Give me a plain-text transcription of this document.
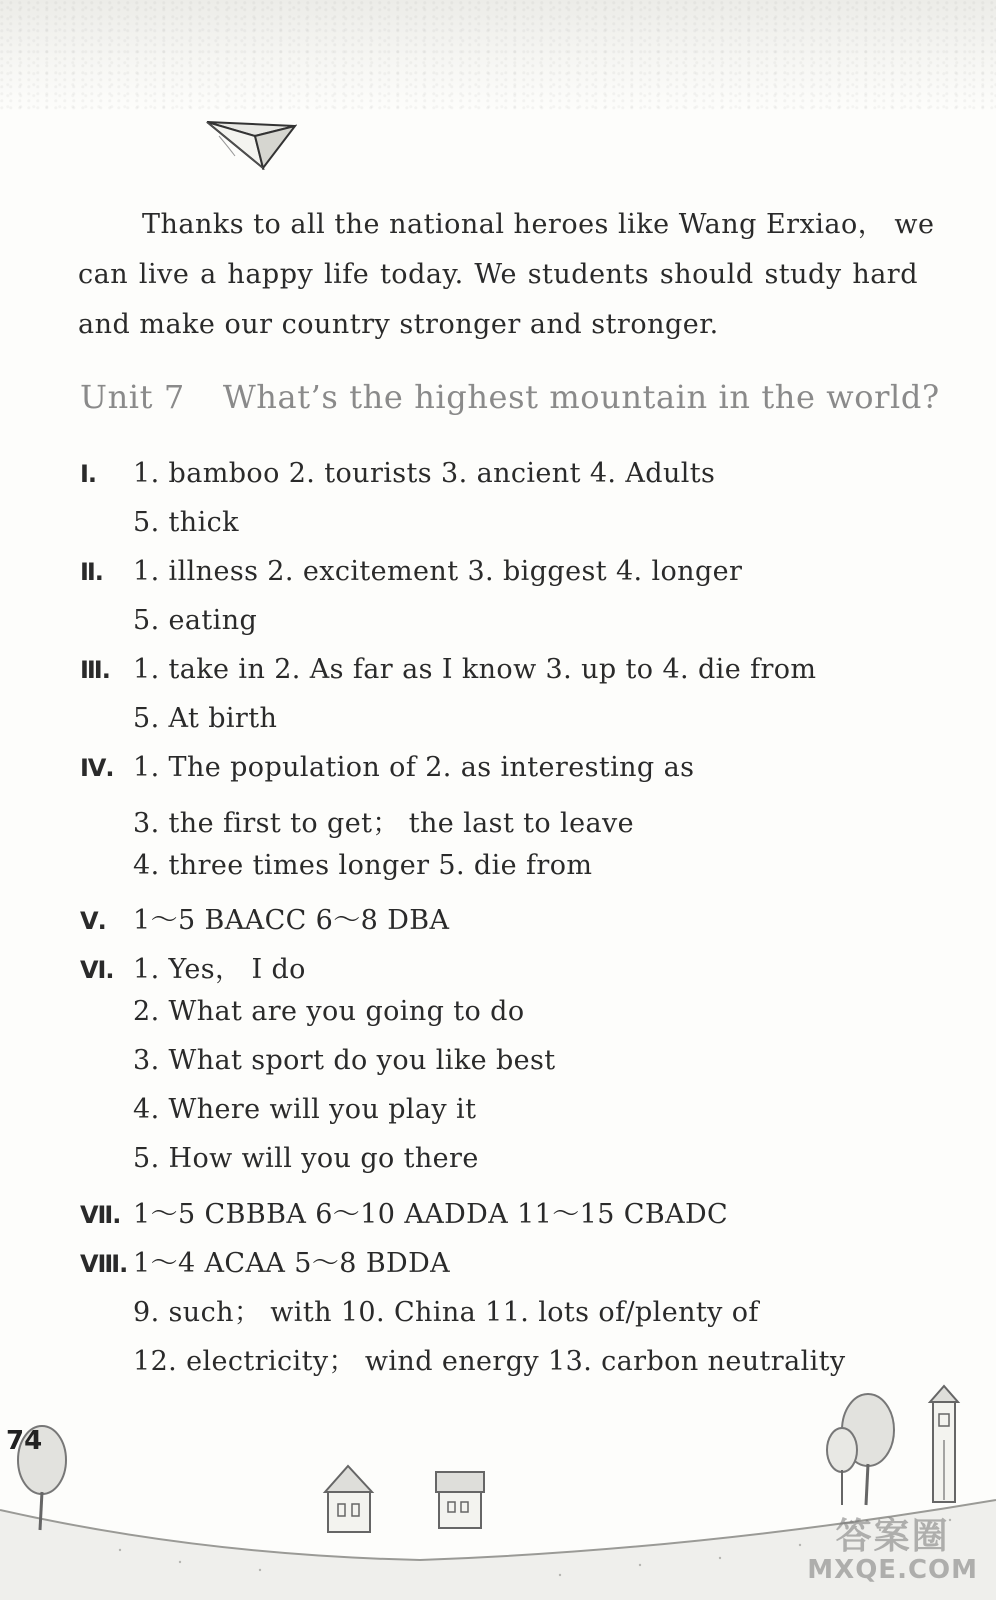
Thanks to all the national heroes like Wang Erxiao， we
can live a happy life today. We students should study hard
and make our country stronger and stronger.
Unit 7 What’s the highest mountain in the world?
Ⅰ. 1. bamboo 2. tourists 3. ancient 4. Adults
5. thick
Ⅱ. 1. illness 2. excitement 3. biggest 4. longer
5. eating
Ⅲ. 1. take in 2. As far as I know 3. up to 4. die from
5. At birth
Ⅳ. 1. The population of 2. as interesting as
3. the first to get； the last to leave
4. three times longer 5. die from
Ⅴ. 1～5 BAACC 6～8 DBA
Ⅵ. 1. Yes， I do
2. What are you going to do
3. What sport do you like best
4. Where will you play it
5. How will you go there
Ⅶ. 1～5 CBBBA 6～10 AADDA 11～15 CBADC
Ⅷ. 1～4 ACAA 5～8 BDDA
9. such； with 10. China 11. lots of/plenty of
12. electricity； wind energy 13. carbon neutrality
74
答案圈
MXQE.COM
